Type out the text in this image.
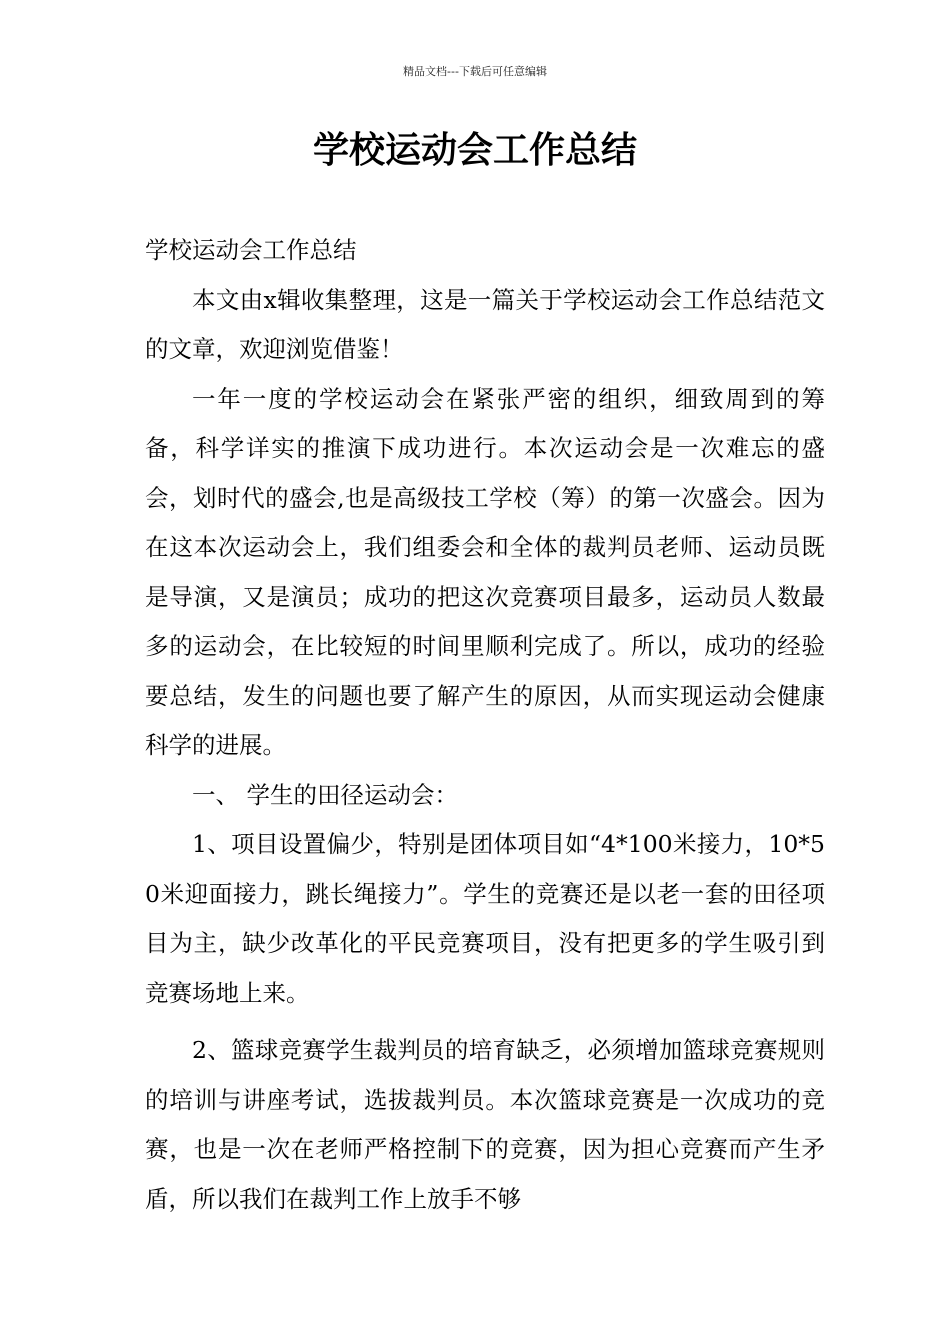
精品文档---下载后可任意编辑
学校运动会工作总结

学校运动会工作总结

本文由x辑收集整理，这是一篇关于学校运动会工作总结范文的文章，欢迎浏览借鉴！

一年一度的学校运动会在紧张严密的组织，细致周到的筹备，科学详实的推演下成功进行。本次运动会是一次难忘的盛会，划时代的盛会,也是高级技工学校（筹）的第一次盛会。因为在这本次运动会上，我们组委会和全体的裁判员老师、运动员既是导演，又是演员；成功的把这次竞赛项目最多，运动员人数最多的运动会，在比较短的时间里顺利完成了。所以，成功的经验要总结，发生的问题也要了解产生的原因，从而实现运动会健康科学的进展。

一、 学生的田径运动会：

1、项目设置偏少，特别是团体项目如“4*100米接力，10*50米迎面接力，跳长绳接力”。学生的竞赛还是以老一套的田径项目为主，缺少改革化的平民竞赛项目，没有把更多的学生吸引到竞赛场地上来。

2、篮球竞赛学生裁判员的培育缺乏，必须增加篮球竞赛规则的培训与讲座考试，选拔裁判员。本次篮球竞赛是一次成功的竞赛，也是一次在老师严格控制下的竞赛，因为担心竞赛而产生矛盾，所以我们在裁判工作上放手不够
